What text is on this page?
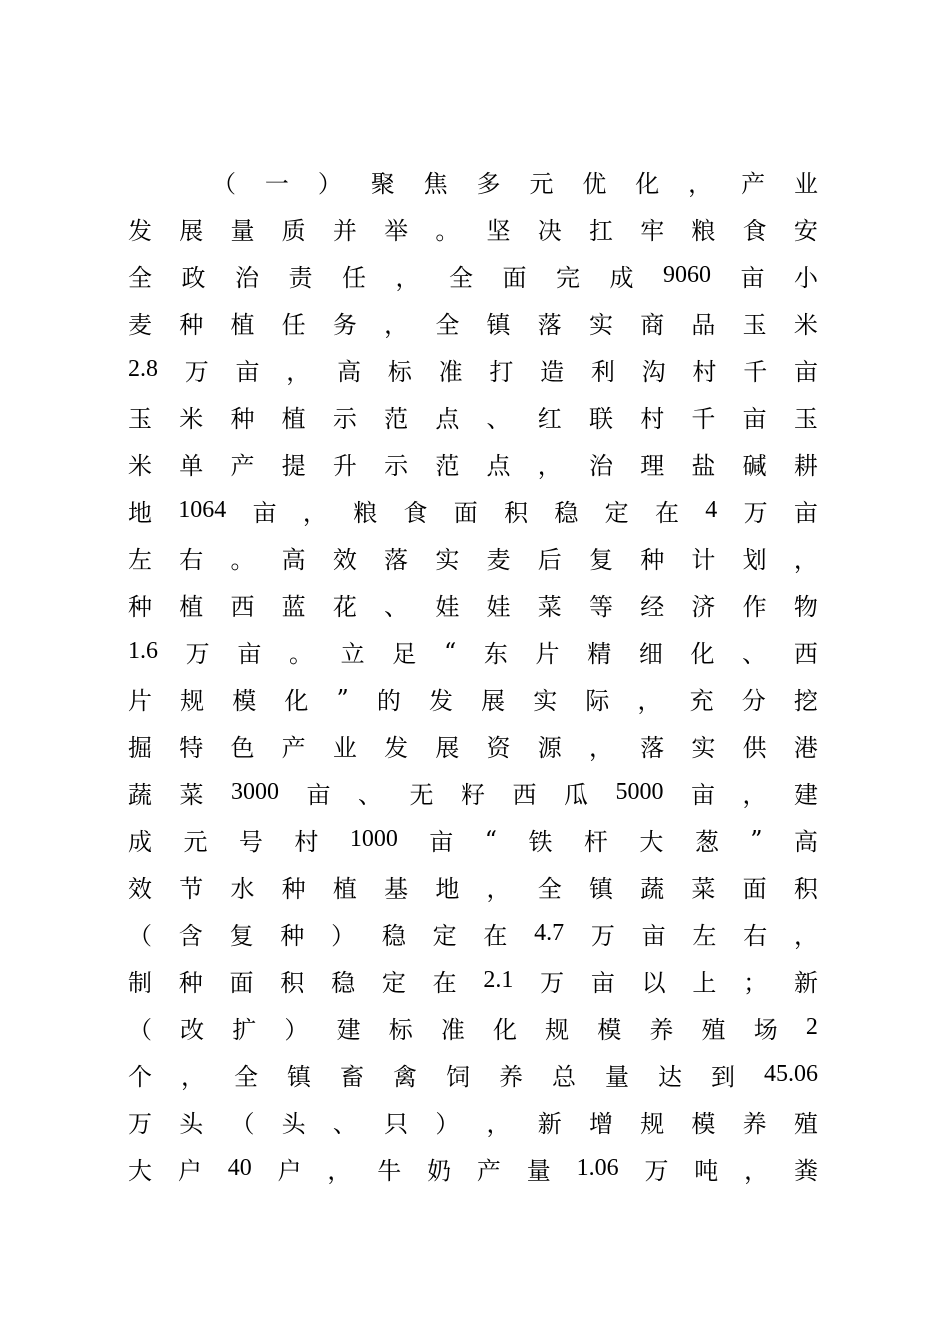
（ 一 ） 聚 焦 多 元 优 化 ， 产 业
发 展 量 质 并 举 。 坚 决 扛 牢 粮 食 安
全 政 治 责 任 ， 全 面 完 成 9060 亩 小
麦 种 植 任 务 ， 全 镇 落 实 商 品 玉 米
2.8 万 亩 ， 高 标 准 打 造 利 沟 村 千 亩
玉 米 种 植 示 范 点 、 红 联 村 千 亩 玉
米 单 产 提 升 示 范 点 ， 治 理 盐 碱 耕
地 1064 亩 ， 粮 食 面 积 稳 定 在 4 万 亩
左 右 。 高 效 落 实 麦 后 复 种 计 划 ，
种 植 西 蓝 花 、 娃 娃 菜 等 经 济 作 物
1.6 万 亩 。 立 足 “ 东 片 精 细 化 、 西
片 规 模 化 ” 的 发 展 实 际 ， 充 分 挖
掘 特 色 产 业 发 展 资 源 ， 落 实 供 港
蔬 菜 3000 亩 、 无 籽 西 瓜 5000 亩 ， 建
成 元 号 村 1000 亩 “ 铁 杆 大 葱 ” 高
效 节 水 种 植 基 地 ， 全 镇 蔬 菜 面 积
（ 含 复 种 ） 稳 定 在 4.7 万 亩 左 右 ，
制 种 面 积 稳 定 在 2.1 万 亩 以 上 ； 新
（ 改 扩 ） 建 标 准 化 规 模 养 殖 场 2
个 ， 全 镇 畜 禽 饲 养 总 量 达 到 45.06
万 头 （ 头 、 只 ） ， 新 增 规 模 养 殖
大 户 40 户 ， 牛 奶 产 量 1.06 万 吨 ， 粪
